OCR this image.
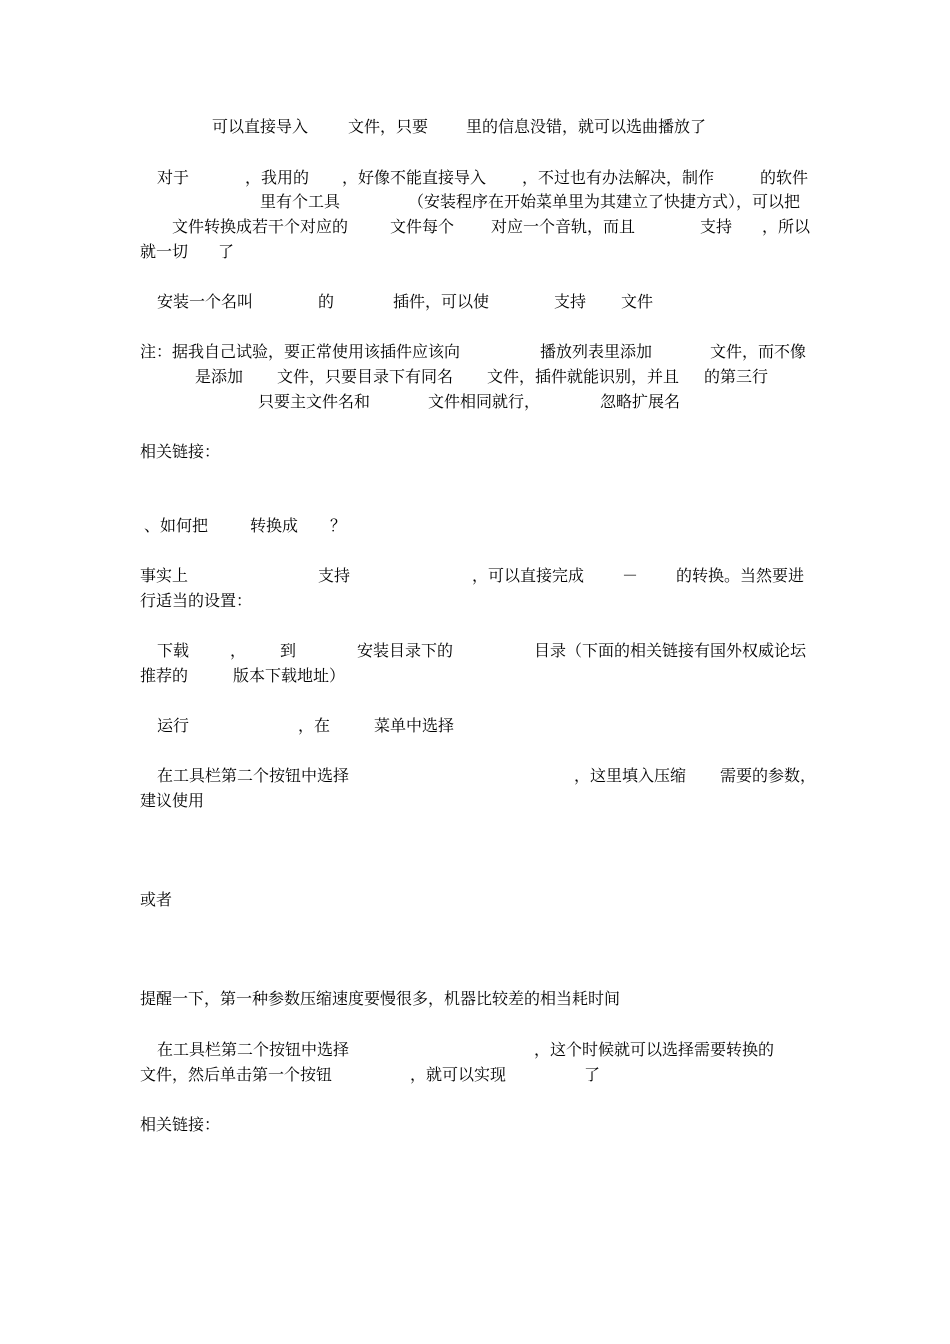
可以直接导入 文件，只要 里的信息没错，就可以选曲播放了
对于	，我用的 ，好像不能直接导入 ，不过也有办法解决，制作	的软件
里有个工具	（安装程序在开始菜单里为其建立了快捷方式），可以把
文件转换成若干个对应的	文件每个 对应一个音轨，而且	支持 ，所以
就一切 了
安装一个名叫	的	插件，可以使	支持 文件
注：据我自己试验，要正常使用该插件应该向	播放列表里添加	文件，而不像
是添加 文件，只要目录下有同名 文件，插件就能识别，并且 的第三行
只要主文件名和	文件相同就行，	忽略扩展名
相关链接：
、如何把	转换成 ？
事实上	支持	，可以直接完成 － 的转换。当然要进
行适当的设置：
下载	， 到	安装目录下的	目录（下面的相关链接有国外权威论坛
推荐的	版本下载地址）
运行	，在	菜单中选择
在工具栏第二个按钮中选择	，这里填入压缩 需要的参数，
建议使用
或者
提醒一下，第一种参数压缩速度要慢很多，机器比较差的相当耗时间
在工具栏第二个按钮中选择	，这个时候就可以选择需要转换的
文件，然后单击第一个按钮	，就可以实现	了
相关链接：
